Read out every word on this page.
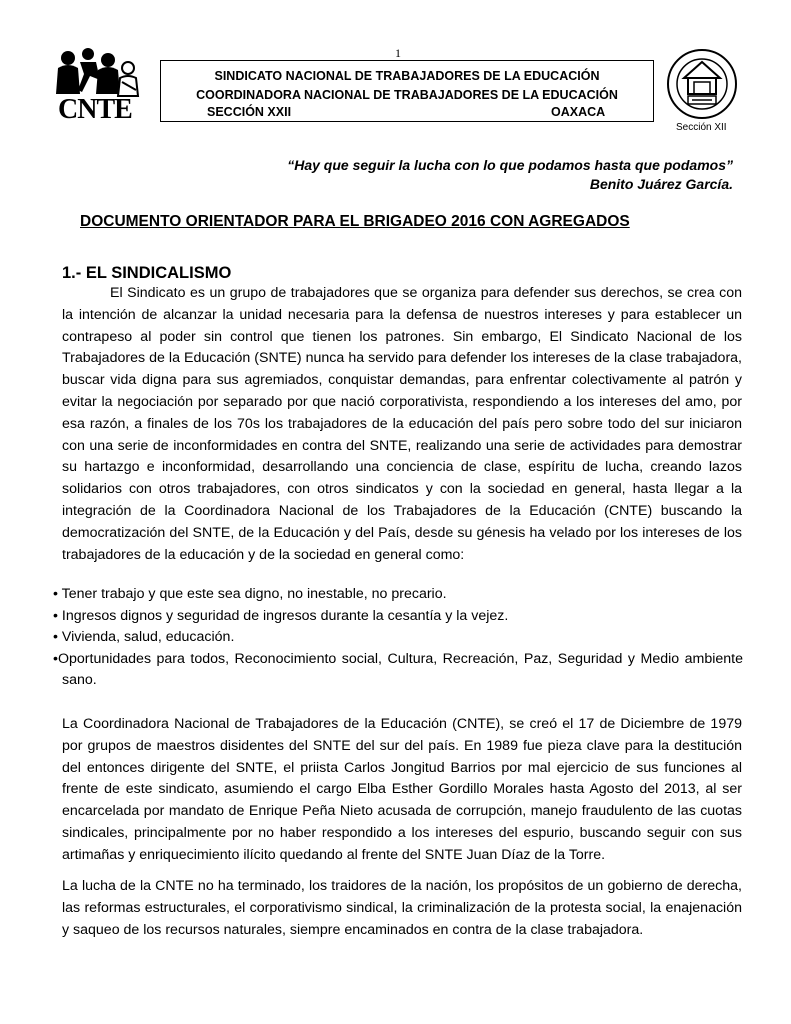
1
CNTE
SINDICATO NACIONAL DE TRABAJADORES DE LA EDUCACIÓN
COORDINADORA NACIONAL DE TRABAJADORES DE LA EDUCACIÓN
SECCIÓN XXII	OAXACA
Sección XII
“Hay que seguir la lucha con lo que podamos hasta que podamos”
Benito Juárez García.
DOCUMENTO ORIENTADOR PARA EL BRIGADEO 2016 CON AGREGADOS
1.- EL SINDICALISMO
El Sindicato es un grupo de trabajadores que se organiza para defender sus derechos, se crea con la intención de alcanzar la unidad necesaria para la defensa de nuestros intereses y para establecer un contrapeso al poder sin control que tienen los patrones. Sin embargo, El Sindicato Nacional de los Trabajadores de la Educación (SNTE) nunca ha servido para defender los intereses de la clase trabajadora, buscar vida digna para sus agremiados, conquistar demandas, para enfrentar colectivamente al patrón y evitar la negociación por separado por que nació corporativista, respondiendo a los intereses del amo, por esa razón, a finales de los 70s los trabajadores de la educación del país pero sobre todo del sur iniciaron con una serie de inconformidades en contra del SNTE, realizando una serie de actividades para demostrar su hartazgo e inconformidad, desarrollando una conciencia de clase, espíritu de lucha, creando lazos solidarios con otros trabajadores, con otros sindicatos y con la sociedad en general, hasta llegar a la integración de la Coordinadora Nacional de los Trabajadores de la Educación (CNTE) buscando la democratización del SNTE, de la Educación y del País, desde su génesis ha velado por los intereses de los trabajadores de la educación y de la sociedad en general como:
• Tener trabajo y que este sea digno, no inestable, no precario.
• Ingresos dignos y seguridad de ingresos durante la cesantía y la vejez.
• Vivienda, salud, educación.
•Oportunidades para todos, Reconocimiento social, Cultura, Recreación, Paz, Seguridad y Medio ambiente sano.
La Coordinadora Nacional de Trabajadores de la Educación (CNTE), se creó el 17 de Diciembre de 1979 por grupos de maestros disidentes del SNTE del sur del país. En 1989 fue pieza clave para la destitución del entonces dirigente del SNTE, el priista Carlos Jongitud Barrios por mal ejercicio de sus funciones al frente de este sindicato, asumiendo el cargo Elba Esther Gordillo Morales hasta Agosto del 2013, al ser encarcelada por mandato de Enrique Peña Nieto acusada de corrupción, manejo fraudulento de las cuotas sindicales, principalmente por no haber respondido a los intereses del espurio, buscando seguir con sus artimañas y enriquecimiento ilícito quedando al frente del SNTE Juan Díaz de la Torre.
La lucha de la CNTE no ha terminado, los traidores de la nación, los propósitos de un gobierno de derecha, las reformas estructurales, el corporativismo sindical, la criminalización de la protesta social, la enajenación y saqueo de los recursos naturales, siempre encaminados en contra de la clase trabajadora.
